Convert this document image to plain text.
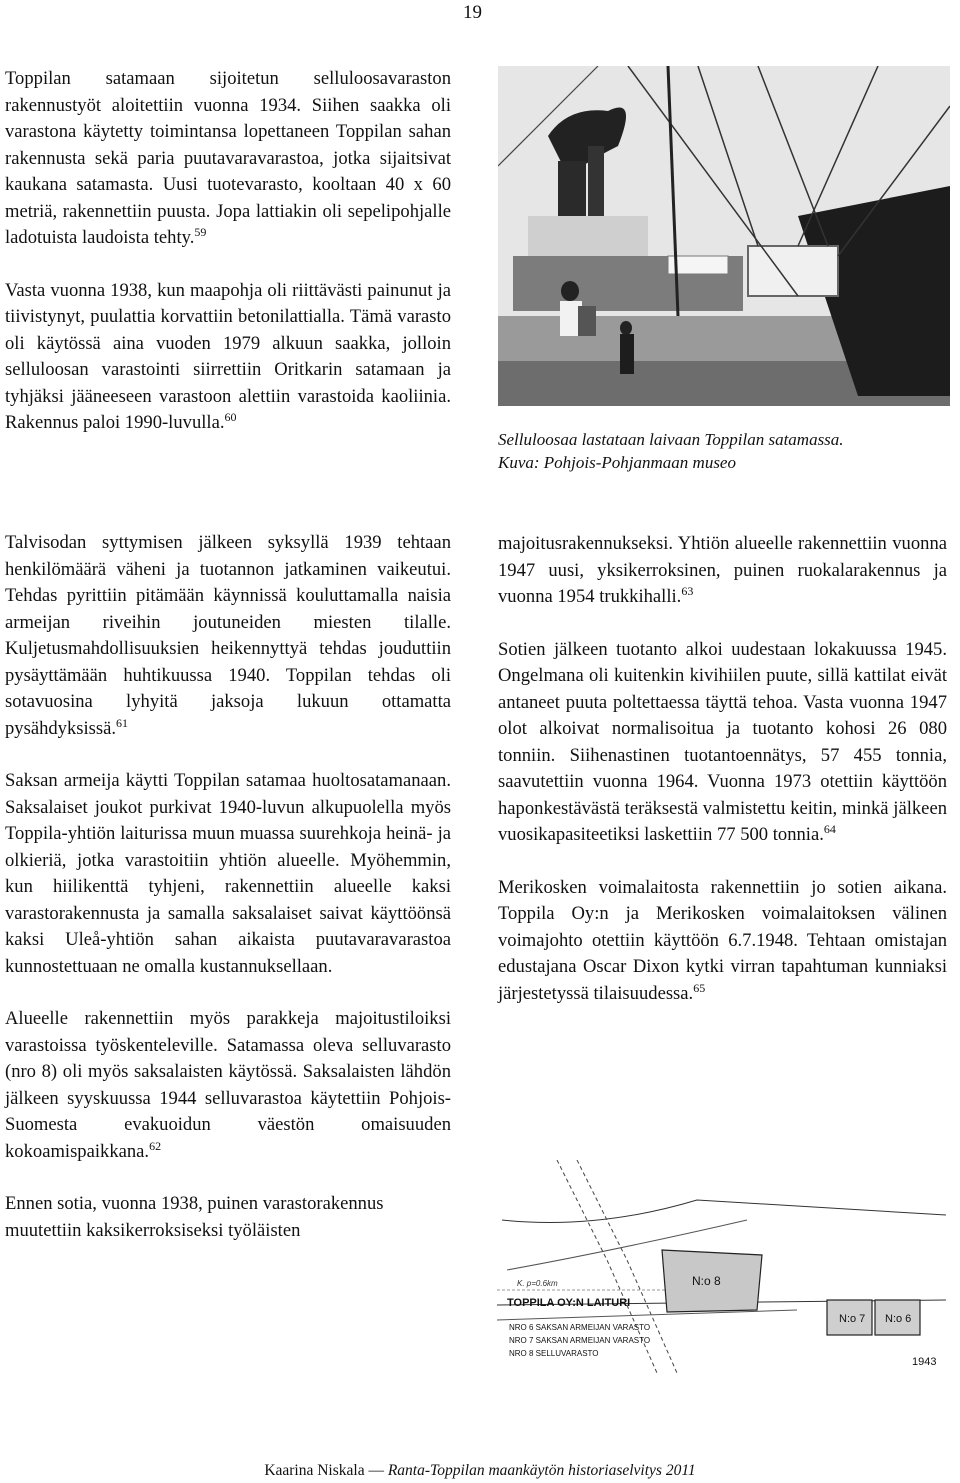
19

Toppilan satamaan sijoitetun selluloosavaraston rakennustyöt aloitettiin vuonna 1934. Siihen saakka oli varastona käytetty toimintansa lopettaneen Toppilan sahan rakennusta sekä paria puutavaravarastoa, jotka sijaitsivat kaukana satamasta. Uusi tuotevarasto, kooltaan 40 x 60 metriä, rakennettiin puusta. Jopa lattiakin oli sepelipohjalle ladotuista laudoista tehty.$^{59}$

Vasta vuonna 1938, kun maapohja oli riittävästi painunut ja tiivistynyt, puulattia korvattiin betonilattialla. Tämä varasto oli käytössä aina vuoden 1979 alkuun saakka, jolloin selluloosan varastointi siirrettiin Oritkarin satamaan ja tyhjäksi jääneeseen varastoon alettiin varastoida kaoliinia. Rakennus paloi 1990-luvulla.$^{60}$

Selluloosaa lastataan laivaan Toppilan satamassa.
Kuva: Pohjois-Pohjanmaan museo

Talvisodan syttymisen jälkeen syksyllä 1939 tehtaan henkilömäärä väheni ja tuotannon jatkaminen vaikeutui. Tehdas pyrittiin pitämään käynnissä kouluttamalla naisia armeijan riveihin joutuneiden miesten tilalle. Kuljetusmahdollisuuksien heikennyttyä tehdas jouduttiin pysäyttämään huhtikuussa 1940. Toppilan tehdas oli sotavuosina lyhyitä jaksoja lukuun ottamatta pysähdyksissä.$^{61}$

Saksan armeija käytti Toppilan satamaa huoltosatamanaan. Saksalaiset joukot purkivat 1940-luvun alkupuolella myös Toppila-yhtiön laiturissa muun muassa suurehkoja heinä- ja olkieriä, jotka varastoitiin yhtiön alueelle. Myöhemmin, kun hiilikenttä tyhjeni, rakennettiin alueelle kaksi varastorakennusta ja samalla saksalaiset saivat käyttöönsä kaksi Uleå-yhtiön sahan aikaista puutavaravarastoa kunnostettuaan ne omalla kustannuksellaan.

Alueelle rakennettiin myös parakkeja majoitustiloiksi varastoissa työskenteleville. Satamassa oleva selluvarasto (nro 8) oli myös saksalaisten käytössä. Saksalaisten lähdön jälkeen syyskuussa 1944 selluvarastoa käytettiin Pohjois-Suomesta evakuoidun väestön omaisuuden kokoamispaikkana.$^{62}$

Ennen sotia, vuonna 1938, puinen varastorakennus muutettiin kaksikerroksiseksi työläisten

majoitusrakennukseksi. Yhtiön alueelle rakennettiin vuonna 1947 uusi, yksikerroksinen, puinen ruokalarakennus ja vuonna 1954 trukkihalli.$^{63}$

Sotien jälkeen tuotanto alkoi uudestaan lokakuussa 1945. Ongelmana oli kuitenkin kivihiilen puute, sillä kattilat eivät antaneet puuta poltettaessa täyttä tehoa. Vasta vuonna 1947 olot alkoivat normalisoitua ja tuotanto kohosi 26 080 tonniin. Siihenastinen tuotantoennätys, 57 455 tonnia, saavutettiin vuonna 1964. Vuonna 1973 otettiin käyttöön haponkestävästä teräksestä valmistettu keitin, minkä jälkeen vuosikapasiteetiksi laskettiin 77 500 tonnia.$^{64}$

Merikosken voimalaitosta rakennettiin jo sotien aikana. Toppila Oy:n ja Merikosken voimalaitoksen välinen voimajohto otettiin käyttöön 6.7.1948. Tehtaan omistajan edustajana Oscar Dixon kytki virran tapahtuman kunniaksi järjestetyssä tilaisuudessa.$^{65}$

N:o 8
N:o 7 N:o 6
K. p=0.6km
TOPPILA OY:N LAITURI
NRO 6 SAKSAN ARMEIJAN VARASTO
NRO 7 SAKSAN ARMEIJAN VARASTO
NRO 8 SELLUVARASTO
1943
Kaarina Niskala — Ranta-Toppilan maankäytön historiaselvitys 2011
